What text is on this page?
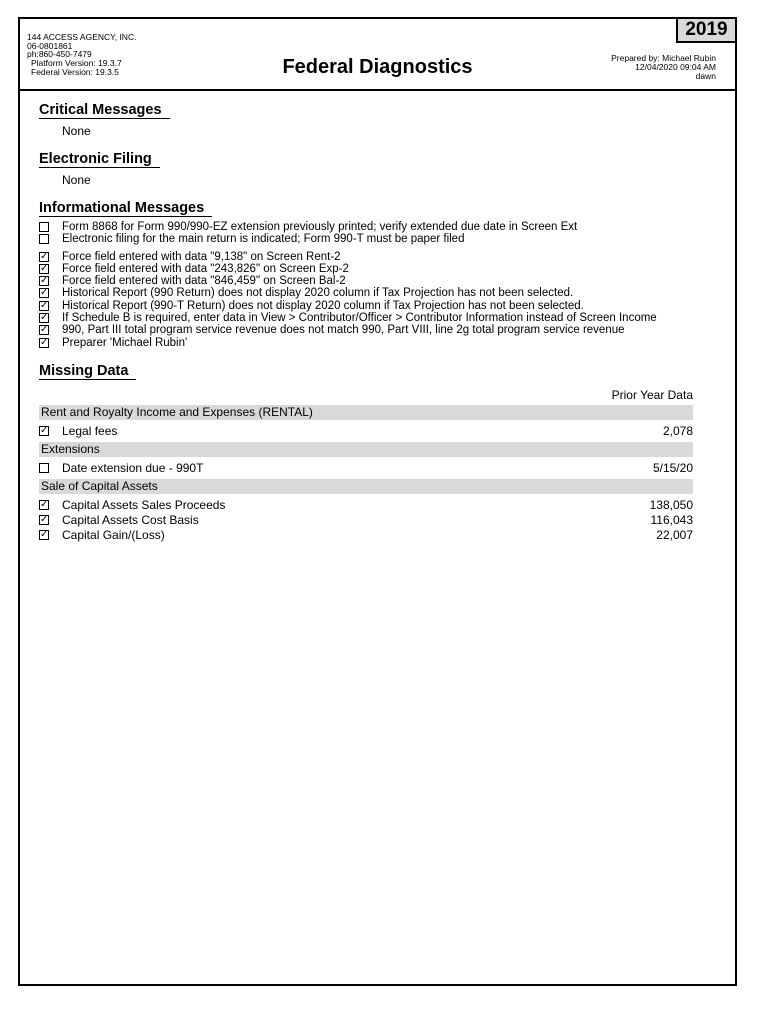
144 ACCESS AGENCY, INC.
06-0801861
ph:860-450-7479
Platform Version: 19.3.7
Federal Version: 19.3.5	Federal Diagnostics
2019
Prepared by: Michael Rubin
12/04/2020 09:04 AM
dawn
Critical Messages
None
Electronic Filing
None
Informational Messages
Form 8868 for Form 990/990-EZ extension previously printed; verify extended due date in Screen Ext
Electronic filing for the main return is indicated; Form 990-T must be paper filed
✓ Force field entered with data "9,138" on Screen Rent-2
✓ Force field entered with data "243,826" on Screen Exp-2
✓ Force field entered with data "846,459" on Screen Bal-2
✓ Historical Report (990 Return) does not display 2020 column if Tax Projection has not been selected.
✓ Historical Report (990-T Return) does not display 2020 column if Tax Projection has not been selected.
✓ If Schedule B is required, enter data in View > Contributor/Officer > Contributor Information instead of Screen Income
✓ 990, Part III total program service revenue does not match 990, Part VIII, line 2g total program service revenue
✓ Preparer 'Michael Rubin'
Missing Data
Prior Year Data
Rent and Royalty Income and Expenses (RENTAL)
✓ Legal fees	2,078
Extensions
Date extension due - 990T	5/15/20
Sale of Capital Assets
✓ Capital Assets Sales Proceeds	138,050
✓ Capital Assets Cost Basis	116,043
✓ Capital Gain/(Loss)	22,007
